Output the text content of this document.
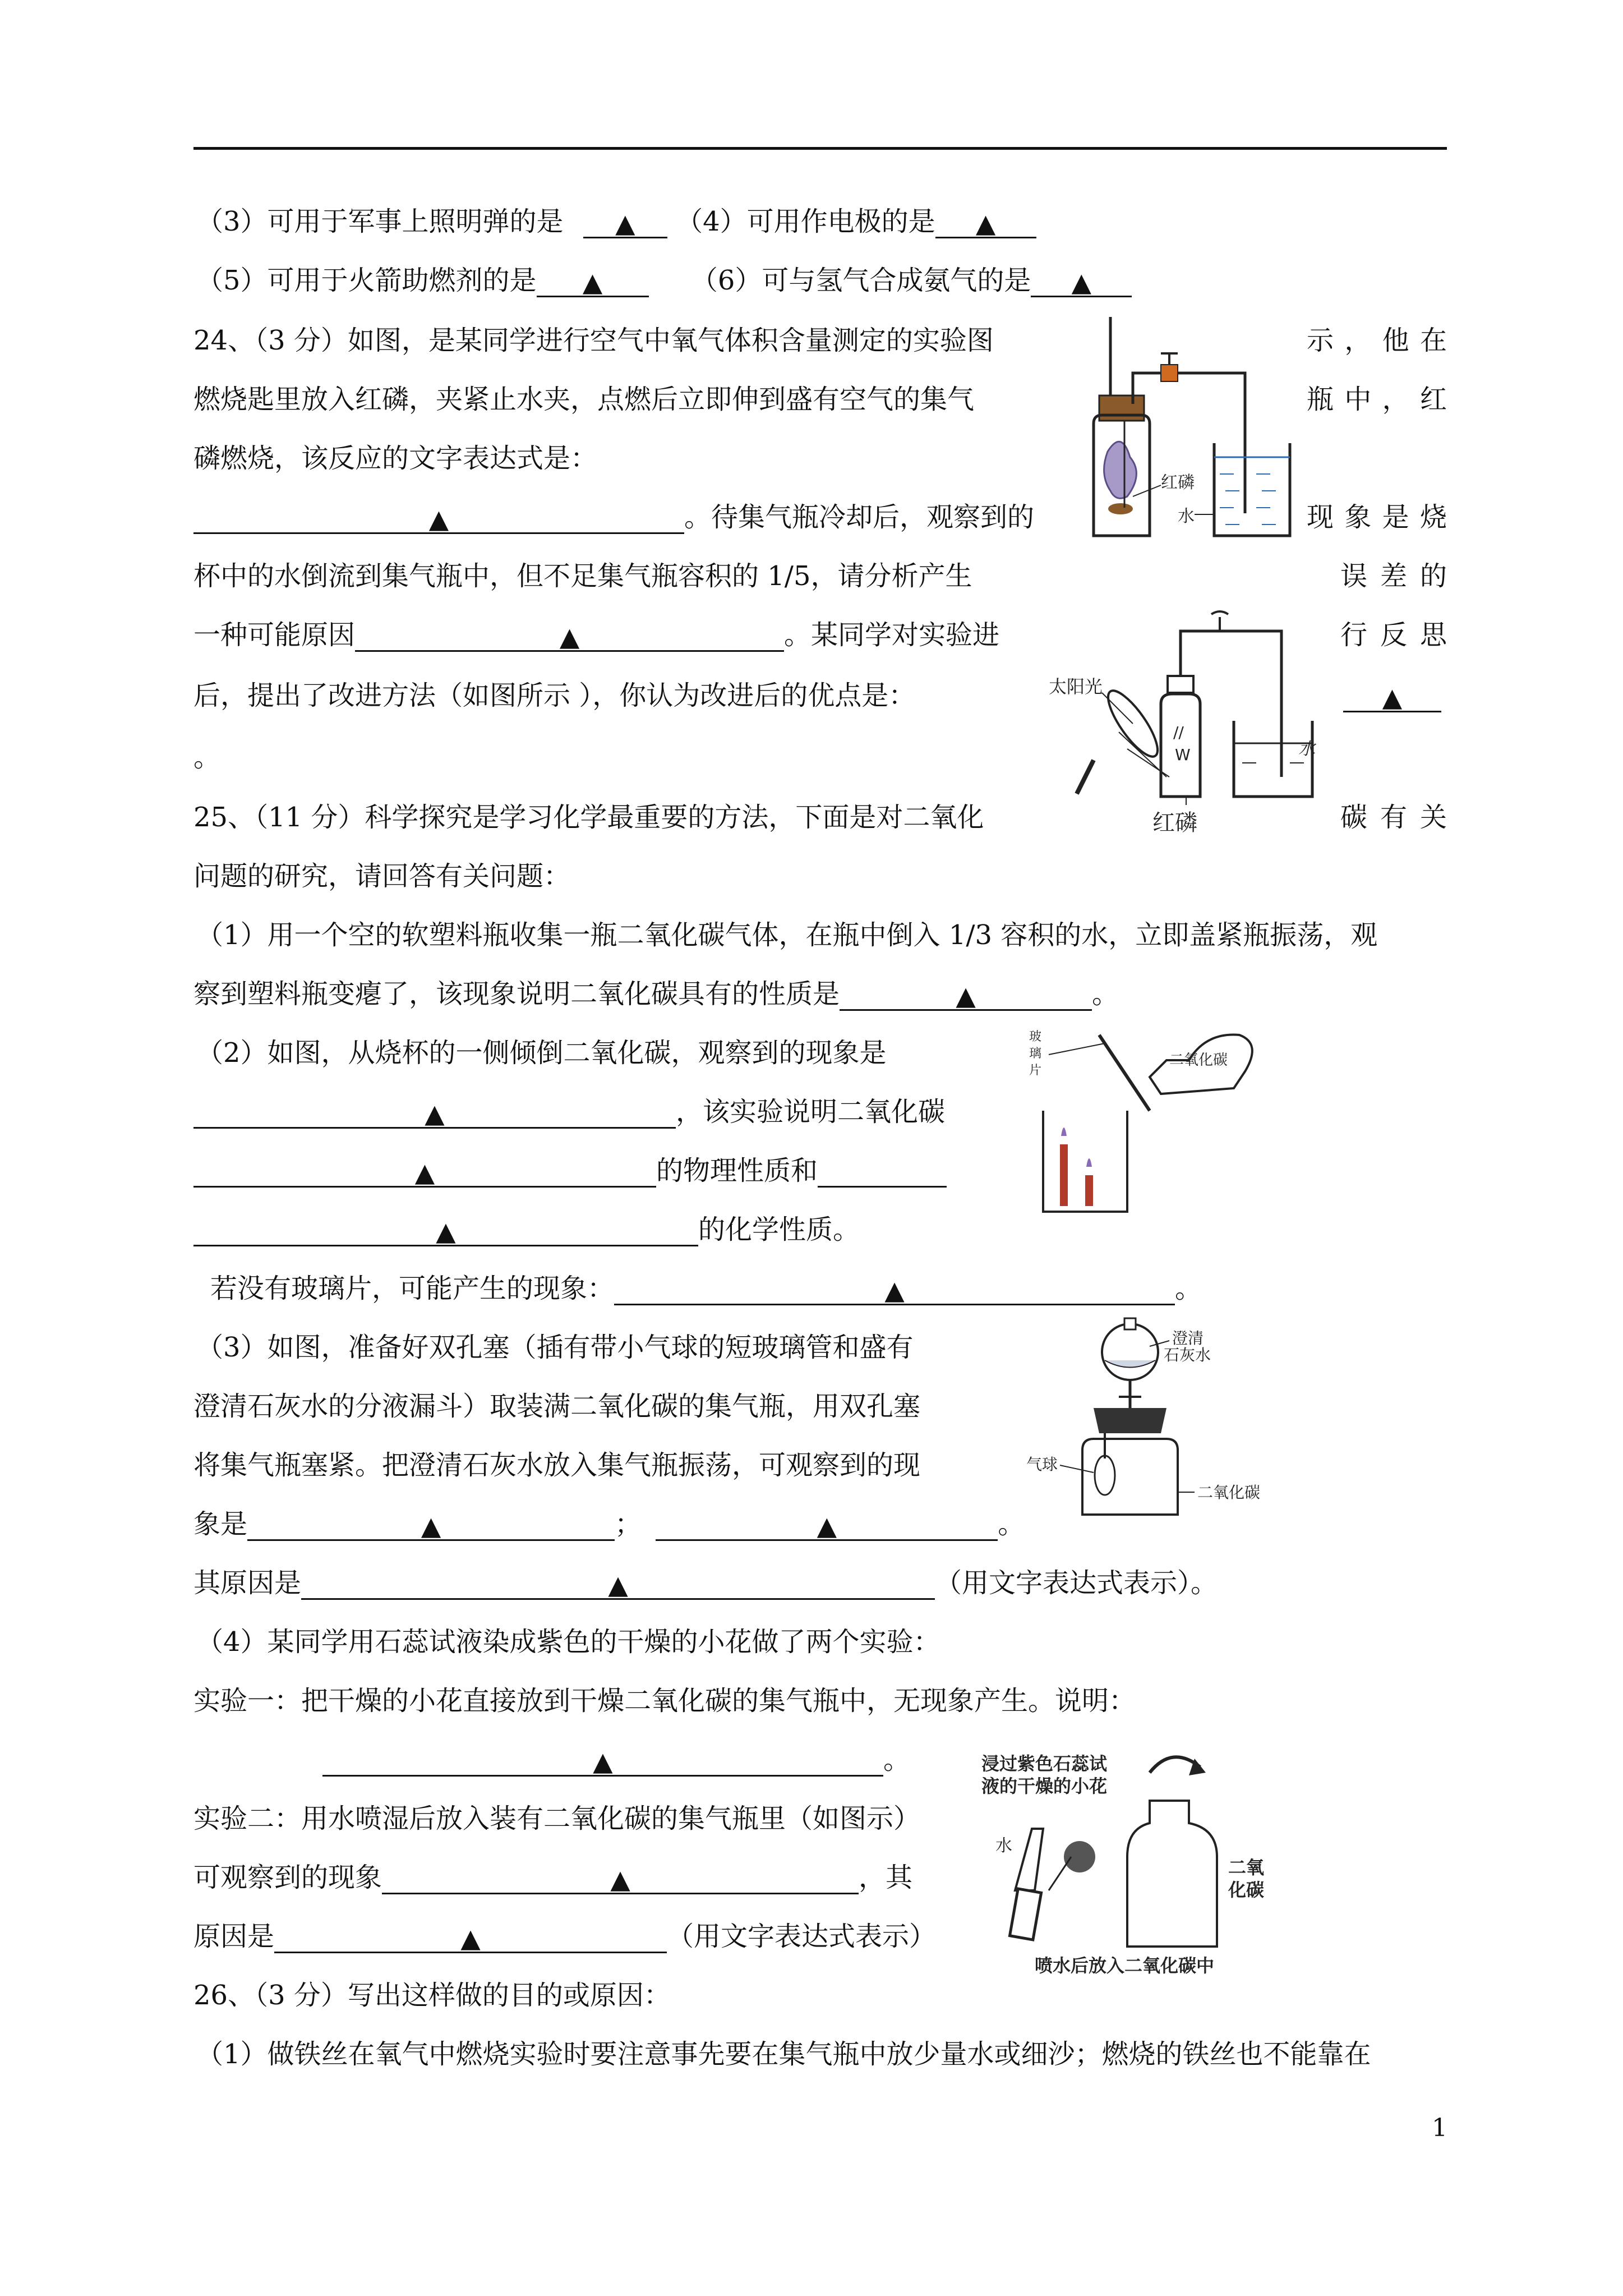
（3）可用于军事上照明弹的是 ▲ （4）可用作电极的是 ▲
（5）可用于火箭助燃剂的是 ▲	（6）可与氢气合成氨气的是 ▲
24、（3 分）如图，是某同学进行空气中氧气体积含量测定的实验图	示，他在
燃烧匙里放入红磷，夹紧止水夹，点燃后立即伸到盛有空气的集气	瓶中，红
磷燃烧，该反应的文字表达式是：
▲	。待集气瓶冷却后，观察到的	现象是烧
杯中的水倒流到集气瓶中，但不足集气瓶容积的 1/5，请分析产生	误差的
一种可能原因	▲	。某同学对实验进	行反思
后，提出了改进方法（如图所示 ），你认为改进后的优点是：	▲
。
红磷
水
//
W	水
太阳光
红磷
25、（11 分）科学探究是学习化学最重要的方法，下面是对二氧化	碳有关
问题的研究，请回答有关问题：
（1）用一个空的软塑料瓶收集一瓶二氧化碳气体，在瓶中倒入 1/3 容积的水，立即盖紧瓶振荡，观
察到塑料瓶变瘪了，该现象说明二氧化碳具有的性质是	▲	。
（2）如图，从烧杯的一侧倾倒二氧化碳，观察到的现象是
▲	，该实验说明二氧化碳
▲	的物理性质和
▲	的化学性质。
若没有玻璃片，可能产生的现象：	▲	。
玻
璃
片
二氧化碳
（3）如图，准备好双孔塞（插有带小气球的短玻璃管和盛有
澄清石灰水的分液漏斗）取装满二氧化碳的集气瓶，用双孔塞
将集气瓶塞紧。把澄清石灰水放入集气瓶振荡，可观察到的现
象是	▲	；	▲	。
其原因是	▲	（用文字表达式表示）。
澄清
石灰水
气球
二氧化碳
（4）某同学用石蕊试液染成紫色的干燥的小花做了两个实验：
实验一：把干燥的小花直接放到干燥二氧化碳的集气瓶中，无现象产生。说明：
▲	。
实验二：用水喷湿后放入装有二氧化碳的集气瓶里（如图示）
可观察到的现象	▲	，其
原因是	▲	（用文字表达式表示）
浸过紫色石蕊试
液的干燥的小花
水
二氧
化碳
喷水后放入二氧化碳中
26、（3 分）写出这样做的目的或原因：
（1）做铁丝在氧气中燃烧实验时要注意事先要在集气瓶中放少量水或细沙；燃烧的铁丝也不能靠在
1
